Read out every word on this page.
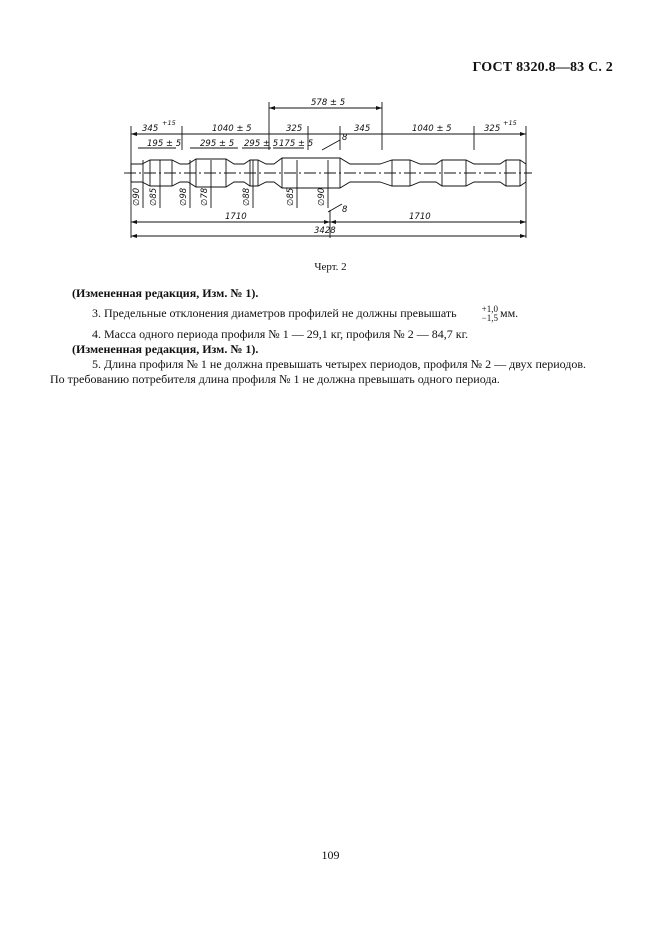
ГОСТ 8320.8—83 С. 2
345
+15
1040 ± 5
578 ± 5
325	345	1040 ± 5	325
+15
195 ± 5 295 ± 5 295 ± 5 175 ± 5
8
8
∅90 ∅85 ∅98 ∅78	∅88	∅85 ∅90
1710	1710
3428
Черт. 2

(Измененная редакция, Изм. № 1).

3. Предельные отклонения диаметров профилей не должны превышать	+1,0
−1,5 мм.

4. Масса одного периода профиля № 1 — 29,1 кг, профиля № 2 — 84,7 кг.

(Измененная редакция, Изм. № 1).

5. Длина профиля № 1 не должна превышать четырех периодов, профиля № 2 — двух периодов.

По требованию потребителя длина профиля № 1 не должна превышать одного периода.

109
